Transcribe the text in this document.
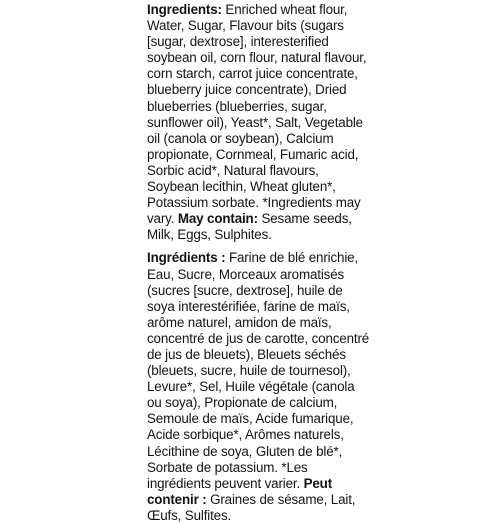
Ingredients: Enriched wheat flour, Water, Sugar, Flavour bits (sugars [sugar, dextrose], interesterified soybean oil, corn flour, natural flavour, corn starch, carrot juice concentrate, blueberry juice concentrate), Dried blueberries (blueberries, sugar, sunflower oil), Yeast*, Salt, Vegetable oil (canola or soybean), Calcium propionate, Cornmeal, Fumaric acid, Sorbic acid*, Natural flavours, Soybean lecithin, Wheat gluten*, Potassium sorbate. *Ingredients may vary. May contain: Sesame seeds, Milk, Eggs, Sulphites.

Ingrédients : Farine de blé enrichie, Eau, Sucre, Morceaux aromatisés (sucres [sucre, dextrose], huile de soya interestérifiée, farine de maïs, arôme naturel, amidon de maïs, concentré de jus de carotte, concentré de jus de bleuets), Bleuets séchés (bleuets, sucre, huile de tournesol), Levure*, Sel, Huile végétale (canola ou soya), Propionate de calcium, Semoule de maïs, Acide fumarique, Acide sorbique*, Arômes naturels, Lécithine de soya, Gluten de blé*, Sorbate de potassium. *Les ingrédients peuvent varier. Peut contenir : Graines de sésame, Lait, Œufs, Sulfites.
